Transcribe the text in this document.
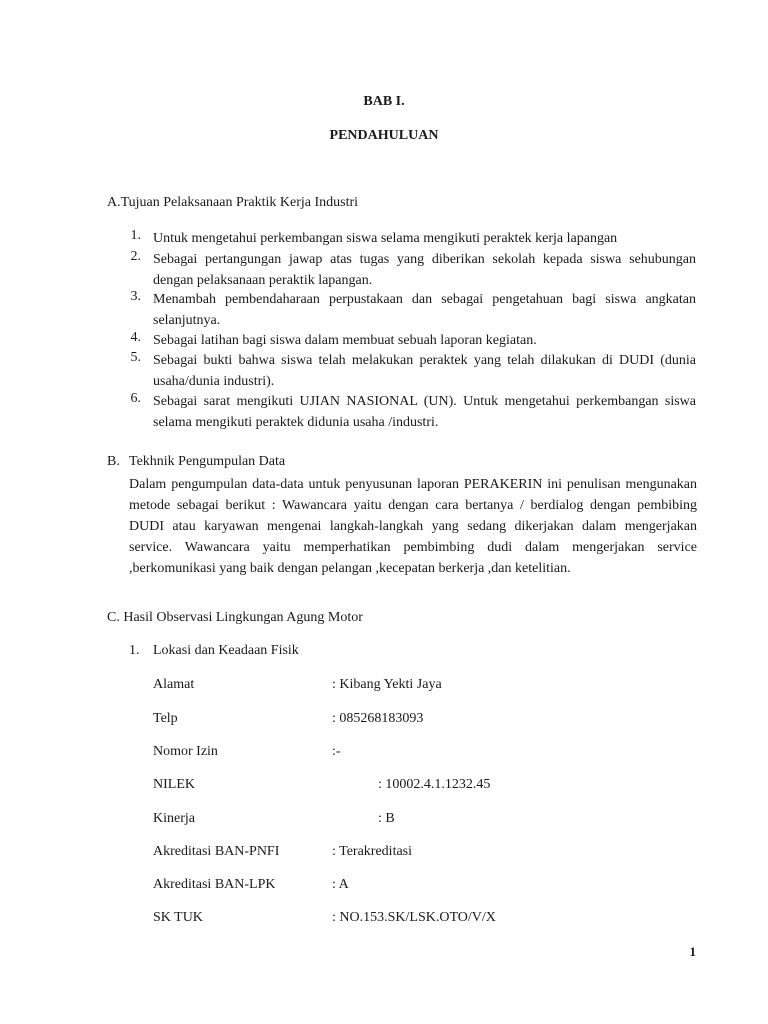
BAB I.
PENDAHULUAN
A.Tujuan Pelaksanaan Praktik Kerja Industri
1. Untuk mengetahui perkembangan siswa selama mengikuti peraktek kerja lapangan
2. Sebagai pertangungan jawap atas tugas yang diberikan sekolah kepada siswa sehubungan dengan pelaksanaan peraktik lapangan.
3. Menambah pembendaharaan perpustakaan dan sebagai pengetahuan bagi siswa angkatan selanjutnya.
4. Sebagai latihan bagi siswa dalam membuat sebuah laporan kegiatan.
5. Sebagai bukti bahwa siswa telah melakukan peraktek yang telah dilakukan di DUDI (dunia usaha/dunia industri).
6. Sebagai sarat mengikuti UJIAN NASIONAL (UN). Untuk mengetahui perkembangan siswa selama mengikuti peraktek didunia usaha /industri.
B. Tekhnik Pengumpulan Data
Dalam pengumpulan data-data untuk penyusunan laporan PERAKERIN ini penulisan mengunakan metode sebagai berikut : Wawancara yaitu dengan cara bertanya / berdialog dengan pembibing DUDI atau karyawan mengenai langkah-langkah yang sedang dikerjakan dalam mengerjakan service. Wawancara yaitu memperhatikan pembimbing dudi dalam mengerjakan service ,berkomunikasi yang baik dengan pelangan ,kecepatan berkerja ,dan ketelitian.
C. Hasil Observasi Lingkungan Agung Motor
1. Lokasi dan Keadaan Fisik
Alamat	: Kibang Yekti Jaya
Telp	: 085268183093
Nomor Izin	:-
NILEK	: 10002.4.1.1232.45
Kinerja	: B
Akreditasi BAN-PNFI	: Terakreditasi
Akreditasi BAN-LPK	: A
SK TUK	: NO.153.SK/LSK.OTO/V/X
1
